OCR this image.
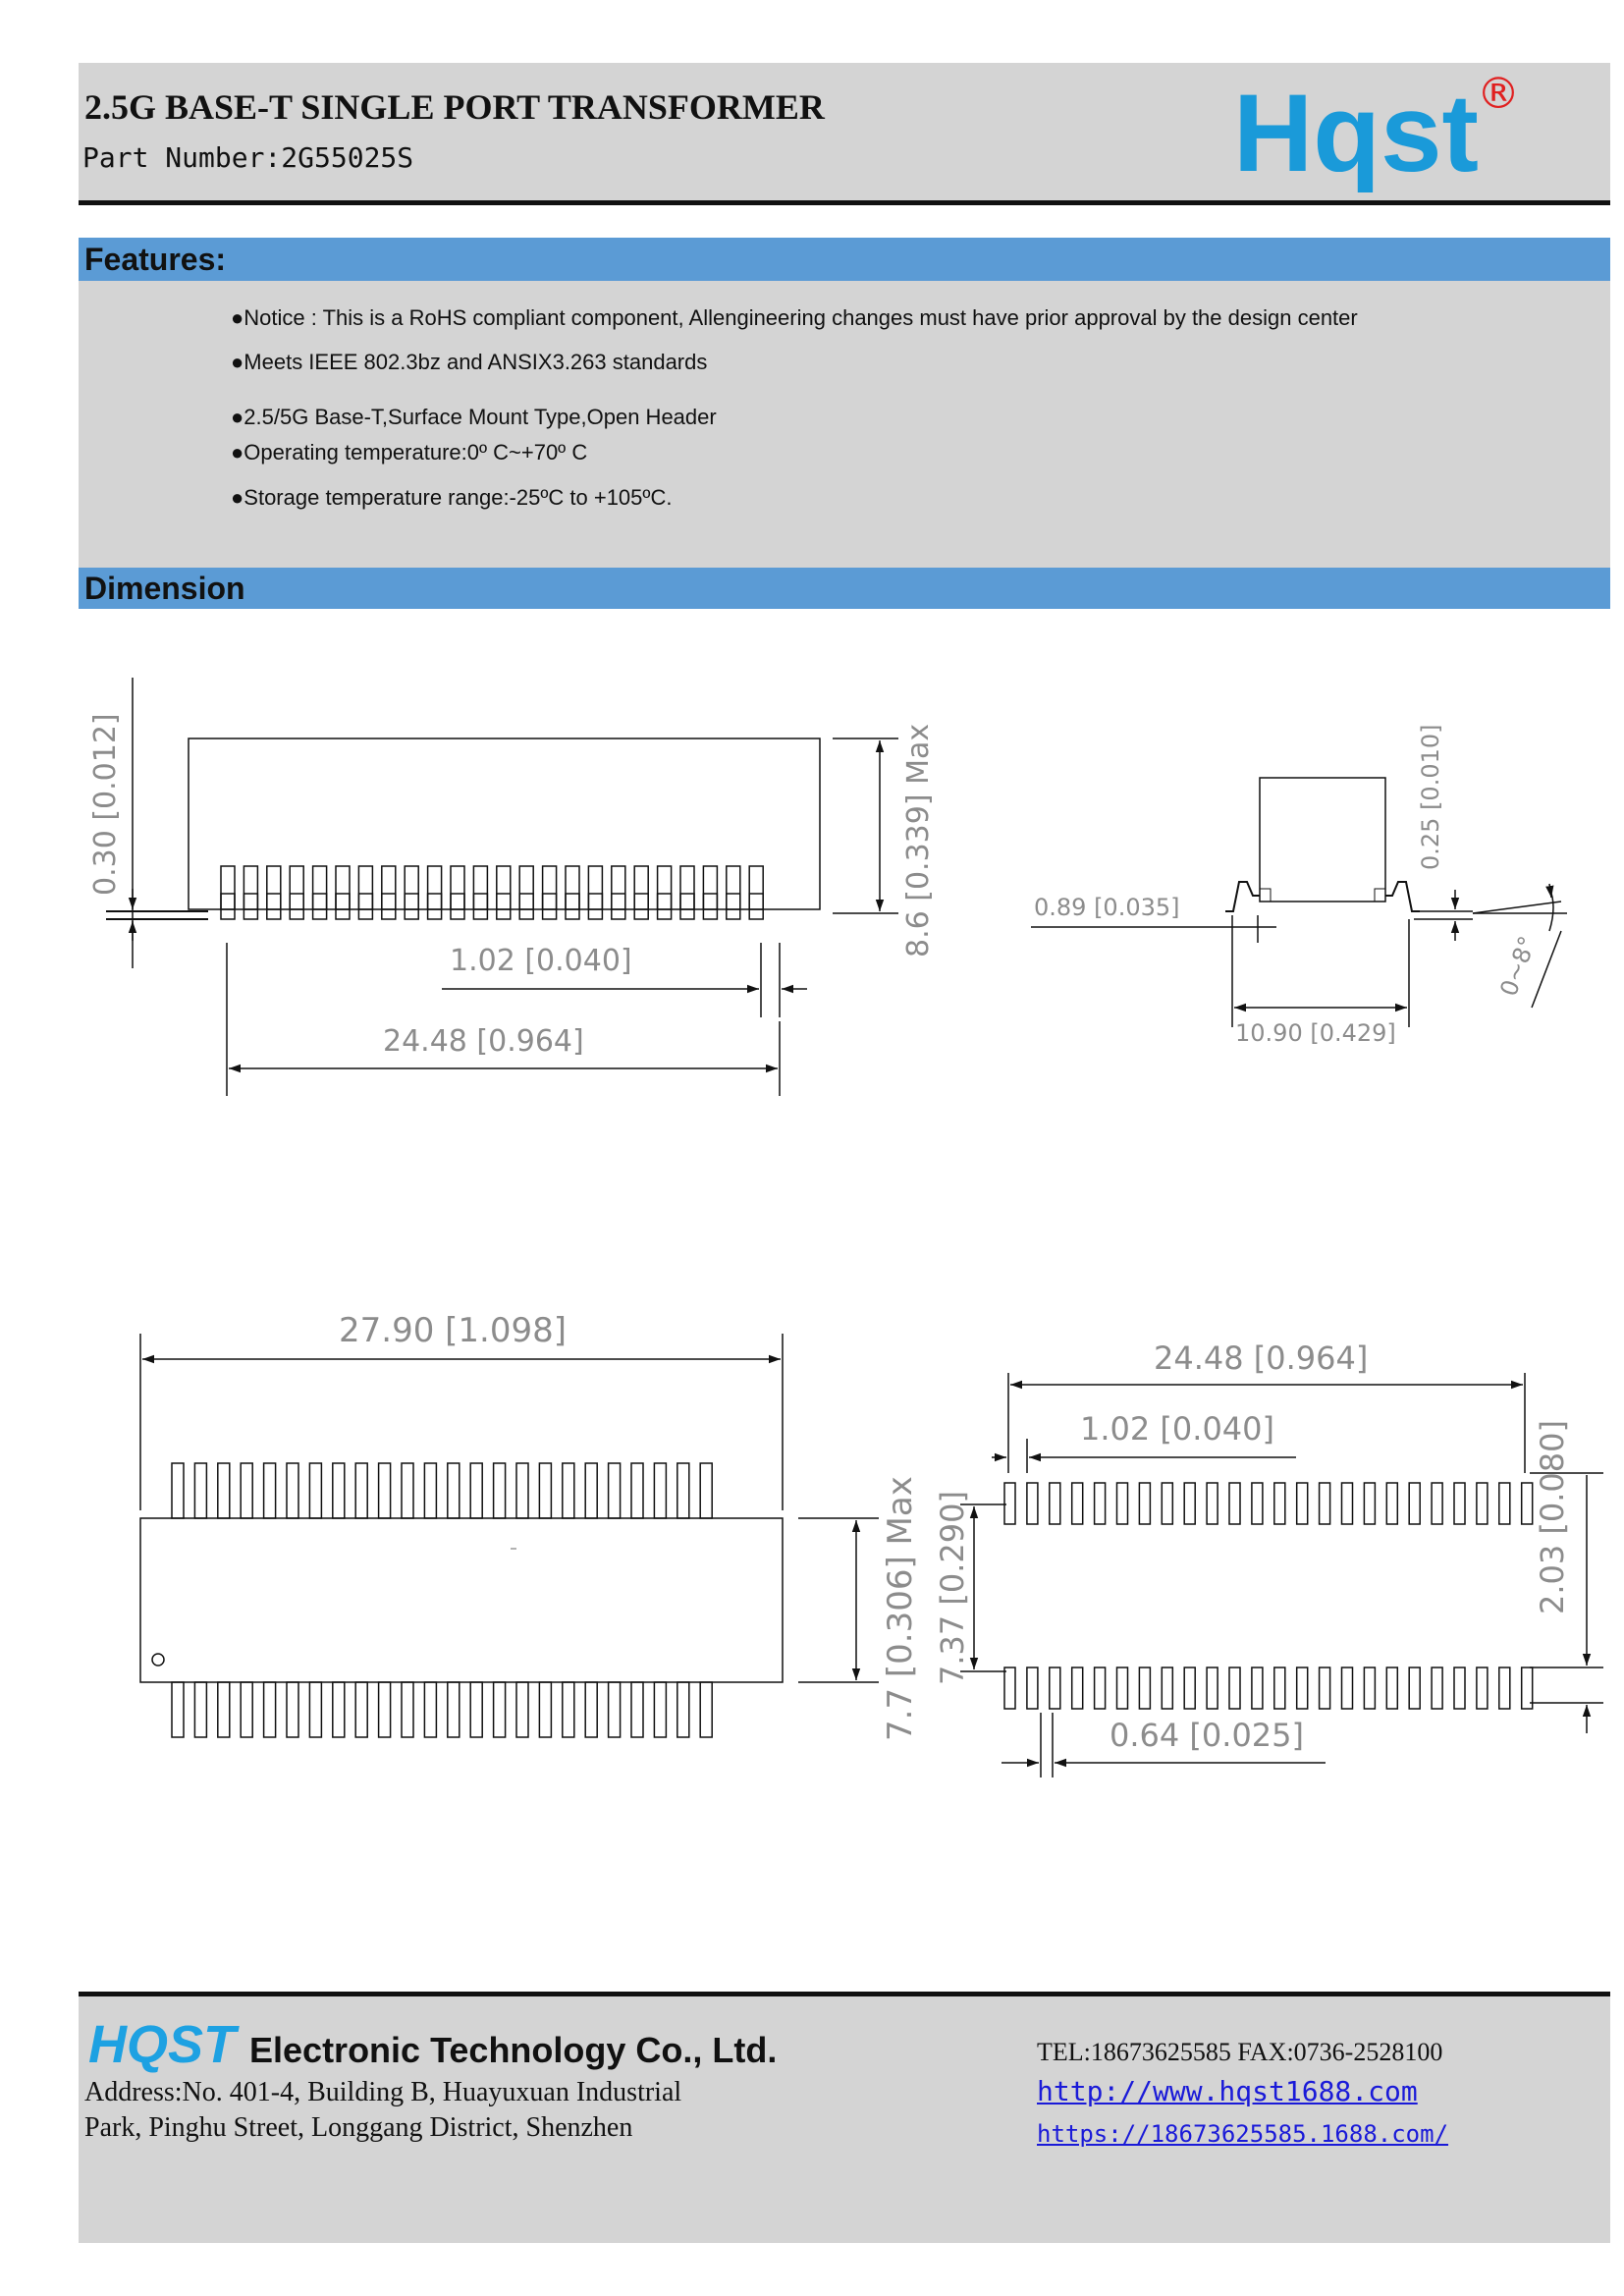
2.5G BASE-T SINGLE PORT TRANSFORMER
Part Number:2G55025S	Hqst
®
Features:
●Notice : This is a RoHS compliant component, Allengineering changes must have prior approval by the design center
●Meets IEEE 802.3bz and ANSIX3.263 standards
●2.5/5G Base-T,Surface Mount Type,Open Header
●Operating temperature:0º C~+70º C
●Storage temperature range:-25ºC to +105ºC.
Dimension
0.30 [0.012]	8.6 [0.339] Max
1.02 [0.040]
24.48 [0.964]
0.89 [0.035]
0.25 [0.010]
0~8°
10.90 [0.429]
27.90 [1.098]
7.7 [0.306] Max
24.48 [0.964]
1.02 [0.040]
7.37 [0.290]	2.03 [0.080]
0.64 [0.025]
HQST Electronic Technology Co., Ltd.
Address:No. 401-4, Building B, Huayuxuan Industrial
Park, Pinghu Street, Longgang District, Shenzhen
TEL:18673625585 FAX:0736-2528100
http://www.hqst1688.com
https://18673625585.1688.com/
